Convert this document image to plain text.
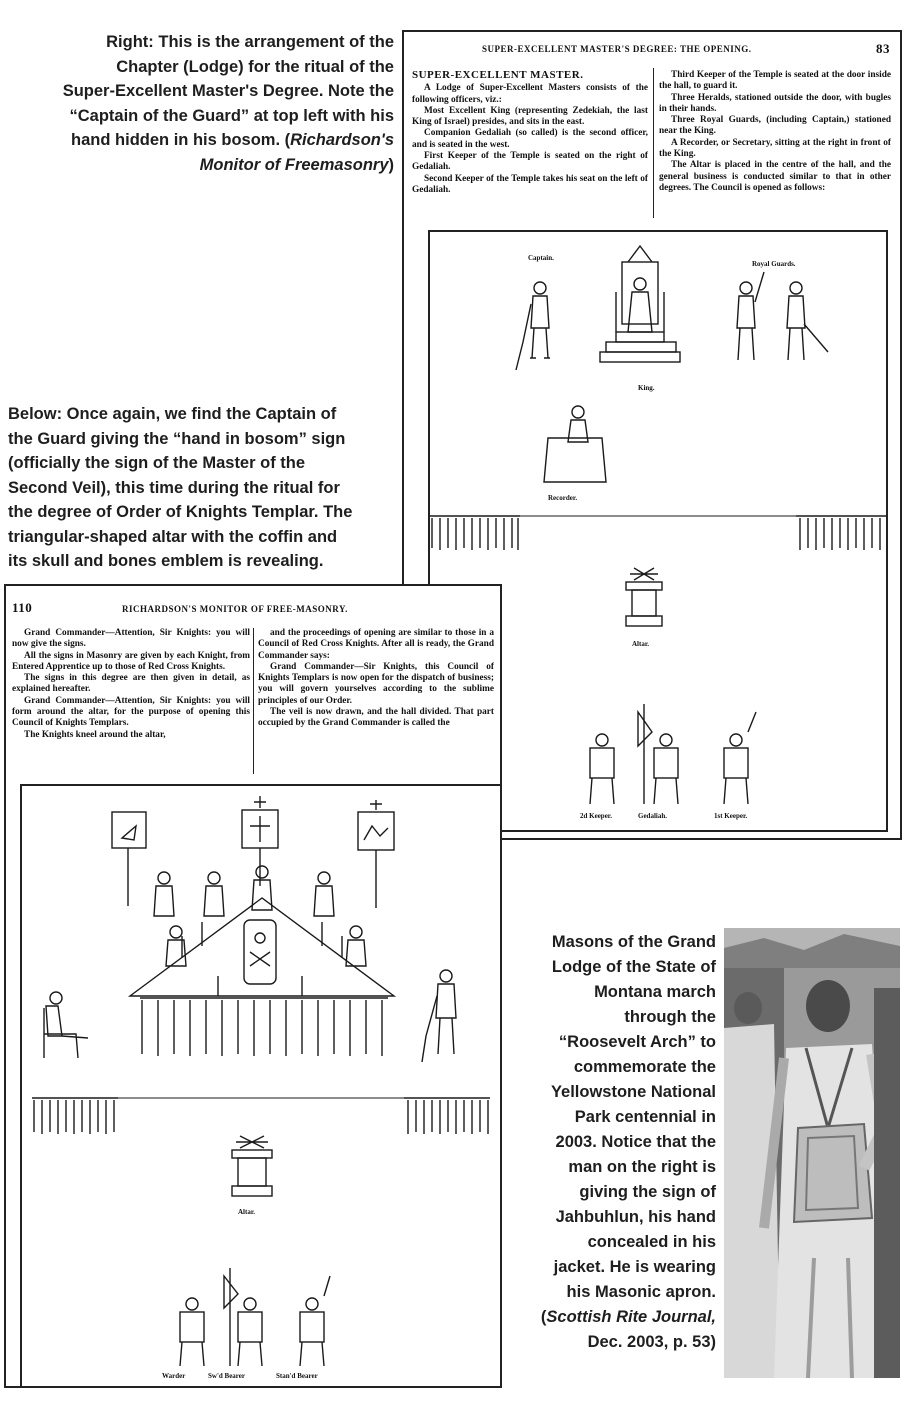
Right: This is the arrangement of the
Chapter (Lodge) for the ritual of the
Super-Excellent Master's Degree. Note the
“Captain of the Guard” at top left with his
hand hidden in his bosom. (Richardson's
Monitor of Freemasonry)
Below: Once again, we find the Captain of
the Guard giving the “hand in bosom” sign
(officially the sign of the Master of the
Second Veil), this time during the ritual for
the degree of Order of Knights Templar. The
triangular-shaped altar with the coffin and
its skull and bones emblem is revealing.
SUPER-EXCELLENT MASTER'S DEGREE: THE OPENING.	83

SUPER-EXCELLENT MASTER.

A Lodge of Super-Excellent Masters consists of the following officers, viz.:

Most Excellent King (representing Zedekiah, the last King of Israel) presides, and sits in the east.

Companion Gedaliah (so called) is the second officer, and is seated in the west.

First Keeper of the Temple is seated on the right of Gedaliah.

Second Keeper of the Temple takes his seat on the left of Gedaliah.

Third Keeper of the Temple is seated at the door inside the hall, to guard it.

Three Heralds, stationed outside the door, with bugles in their hands.

Three Royal Guards, (including Captain,) stationed near the King.

A Recorder, or Secretary, sitting at the right in front of the King.

The Altar is placed in the centre of the hall, and the general business is conducted similar to that in other degrees. The Council is opened as follows:

Captain.
Royal Guards.
King.
Recorder.
Altar.
2d Keeper.	Gedaliah.	1st Keeper.
110	RICHARDSON'S MONITOR OF FREE-MASONRY.

Grand Commander—Attention, Sir Knights: you will now give the signs.

All the signs in Masonry are given by each Knight, from Entered Apprentice up to those of Red Cross Knights.

The signs in this degree are then given in detail, as explained hereafter.

Grand Commander—Attention, Sir Knights: you will form around the altar, for the purpose of opening this Council of Knights Templars.

The Knights kneel around the altar,

and the proceedings of opening are similar to those in a Council of Red Cross Knights. After all is ready, the Grand Commander says:

Grand Commander—Sir Knights, this Council of Knights Templars is now open for the dispatch of business; you will govern yourselves according to the sublime principles of our Order.

The veil is now drawn, and the hall divided. That part occupied by the Grand Commander is called the

Altar.
Warder	Sw'd Bearer	Stan'd Bearer
Masons of the Grand
Lodge of the State of
Montana march
through the
“Roosevelt Arch” to
commemorate the
Yellowstone National
Park centennial in
2003. Notice that the
man on the right is
giving the sign of
Jahbuhlun, his hand
concealed in his
jacket. He is wearing
his Masonic apron.
(Scottish Rite Journal,
Dec. 2003, p. 53)
